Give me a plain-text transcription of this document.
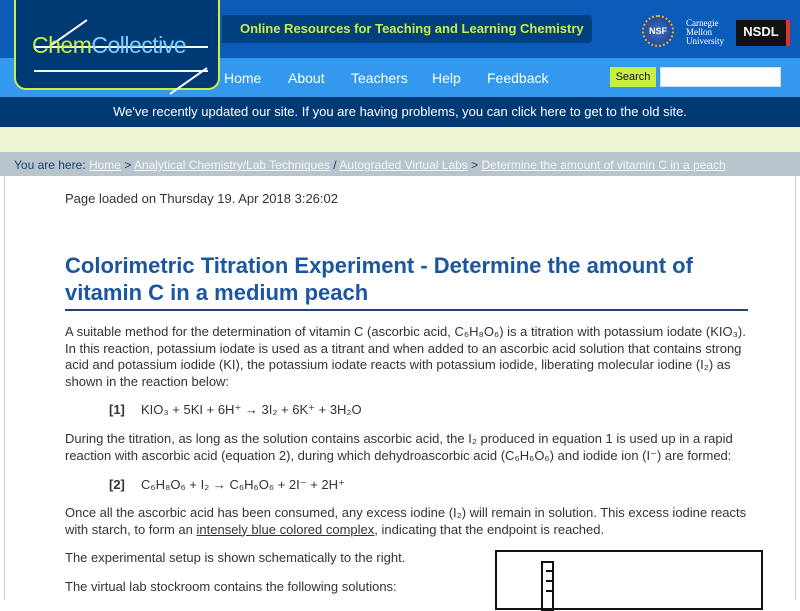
ChemCollective
Online Resources for Teaching and Learning Chemistry	NSF
Carnegie
Mellon
University
NSDL
Home About Teachers Help Feedback	Search
We've recently updated our site. If you are having problems, you can click here to get to the old site.
You are here: Home > Analytical Chemistry/Lab Techniques / Autograded Virtual Labs > Determine the amount of vitamin C in a peach
Page loaded on Thursday 19. Apr 2018 3:26:02
Colorimetric Titration Experiment - Determine the amount of vitamin C in a medium peach
A suitable method for the determination of vitamin C (ascorbic acid, C₆H₈O₆) is a titration with potassium iodate (KIO₃). In this reaction, potassium iodate is used as a titrant and when added to an ascorbic acid solution that contains strong acid and potassium iodide (KI), the potassium iodate reacts with potassium iodide, liberating molecular iodine (I₂) as shown in the reaction below:
[1] KIO₃ + 5KI + 6H⁺ → 3I₂ + 6K⁺ + 3H₂O
During the titration, as long as the solution contains ascorbic acid, the I₂ produced in equation 1 is used up in a rapid reaction with ascorbic acid (equation 2), during which dehydroascorbic acid (C₆H₆O₆) and iodide ion (I⁻) are formed:
[2] C₆H₈O₆ + I₂ → C₆H₆O₆ + 2I⁻ + 2H⁺
Once all the ascorbic acid has been consumed, any excess iodine (I₂) will remain in solution. This excess iodine reacts with starch, to form an intensely blue colored complex, indicating that the endpoint is reached.
The experimental setup is shown schematically to the right.
The virtual lab stockroom contains the following solutions:
